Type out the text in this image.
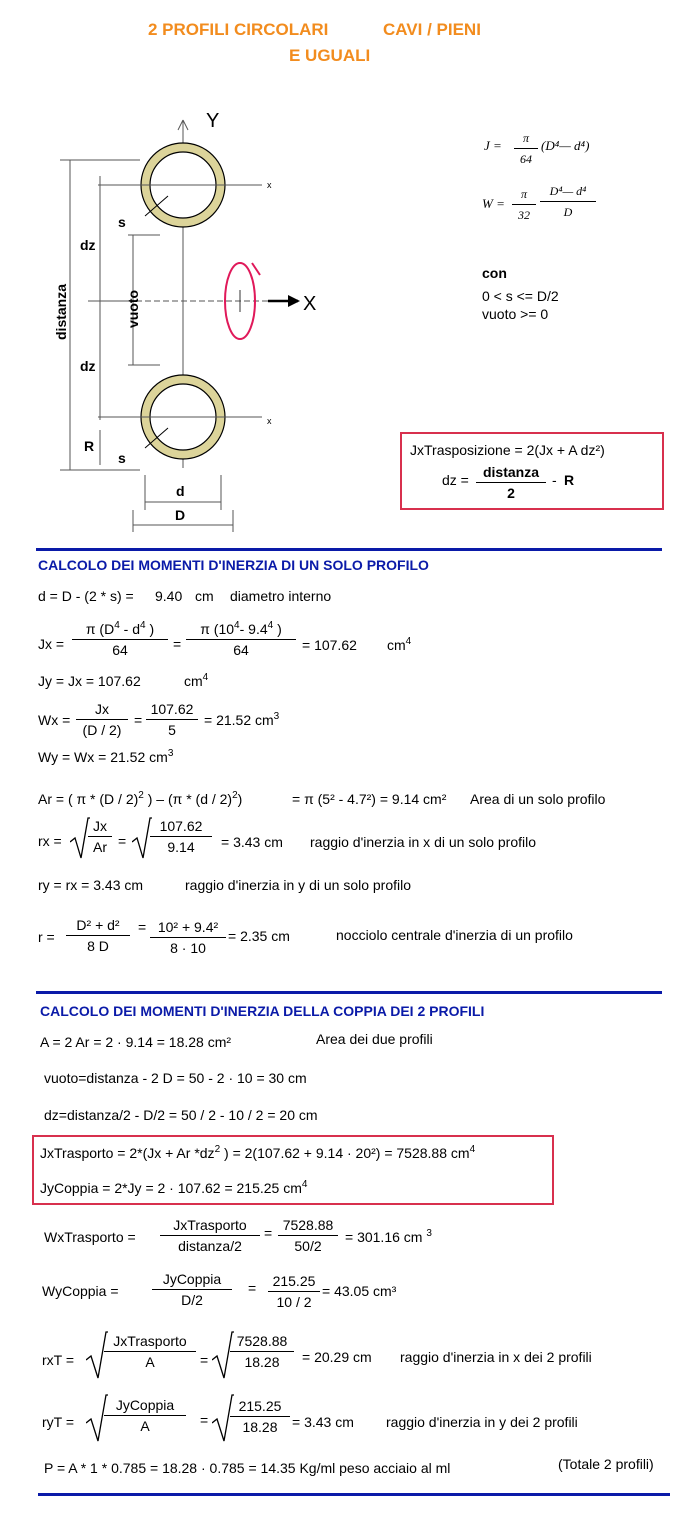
2 PROFILI CIRCOLARI	CAVI / PIENI
E UGUALI
Y
X
x
x
s
s
dz
dz
R
d
D
distanza	vuoto
J =	π
64
(D⁴— d⁴)
W =
π
32
D⁴— d⁴
D
con
0 < s <= D/2
vuoto >= 0
JxTrasposizione = 2(Jx + A dz²)
dz =	distanza
2
- R
CALCOLO DEI MOMENTI D'INERZIA DI UN SOLO PROFILO
d = D - (2 * s) = 9.40 cm diametro interno
Jx =
π ($D^4 - d^4$ )
64	=
π ($10^4-$ $9.4^4$ )
64	= 107.62 $cm^4$
Jy = Jx = 107.62	$cm^4$
Wx =
Jx
(D / 2)
=
107.62
5
= 21.52 $cm^3$
Wy = Wx = 21.52 $cm^3$
Ar = ( π * (D / 2)$^2$ ) – (π * (d / 2)$^2$)	= π (5² - 4.7²) = 9.14 cm² Area di un solo profilo
rx =
Jx
Ar =
107.62
9.14	= 3.43 cm raggio d'inerzia in x di un solo profilo
ry = rx = 3.43 cm	raggio d'inerzia in y di un solo profilo
r =
D² + d²
8 D
= 10² + 9.4²
8 · 10
= 2.35 cm	nocciolo centrale d'inerzia di un profilo
CALCOLO DEI MOMENTI D'INERZIA DELLA COPPIA DEI 2 PROFILI
A = 2 Ar = 2 · 9.14 = 18.28 cm²	Area dei due profili
vuoto=distanza - 2 D = 50 - 2 · 10 = 30 cm
dz=distanza/2 - D/2 = 50 / 2 - 10 / 2 = 20 cm
JxTrasporto = 2*(Jx + Ar $*dz^2$ ) = 2(107.62 + 9.14 · 20²) = 7528.88 $cm^4$
JyCoppia = 2*Jy = 2 · 107.62 = 215.25 $cm^4$
WxTrasporto =
JxTrasporto
distanza/2
= 7528.88
50/2
= 301.16 cm $^3$
WyCoppia =
JyCoppia
D/2
=	215.25
10 / 2
= 43.05 cm³
rxT =
JxTrasporto
A	=
7528.88
18.28	= 20.29 cm raggio d'inerzia in x dei 2 profili
ryT =
JyCoppia
A	=
215.25
18.28	= 3.43 cm raggio d'inerzia in y dei 2 profili
P = A * 1 * 0.785 = 18.28 · 0.785 = 14.35 Kg/ml peso acciaio al ml	(Totale 2 profili)
